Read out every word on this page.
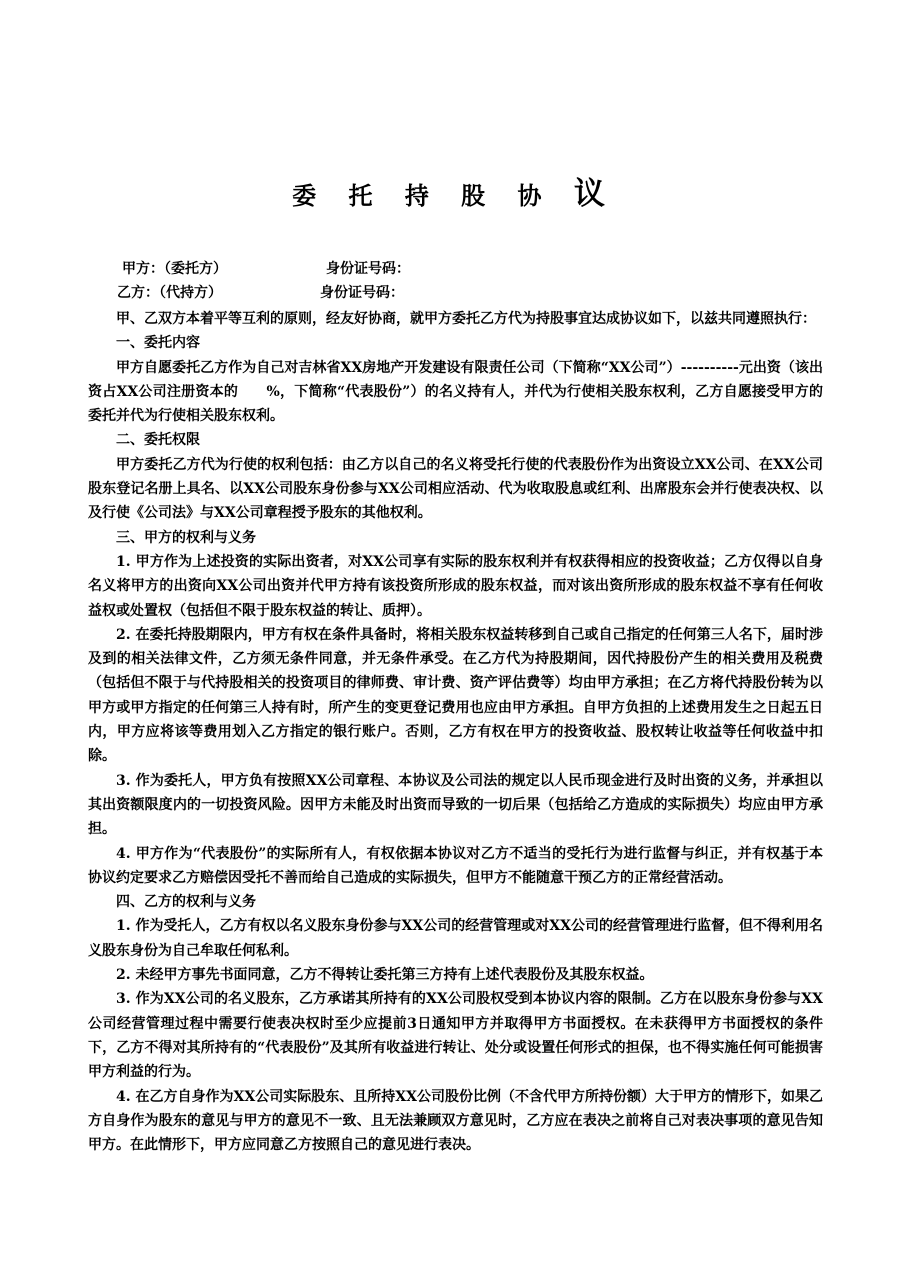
委 托 持 股 协 议
甲方：（委托方）	身份证号码：
乙方：（代持方）	身份证号码：

甲、乙双方本着平等互利的原则，经友好协商，就甲方委托乙方代为持股事宜达成协议如下，以兹共同遵照执行：

一、委托内容

甲方自愿委托乙方作为自己对吉林省XX房地产开发建设有限责任公司（下简称“XX公司”）----------元出资（该出资占XX公司注册资本的　　%，下简称“代表股份”）的名义持有人，并代为行使相关股东权利，乙方自愿接受甲方的委托并代为行使相关股东权利。

二、委托权限

甲方委托乙方代为行使的权利包括：由乙方以自己的名义将受托行使的代表股份作为出资设立XX公司、在XX公司股东登记名册上具名、以XX公司股东身份参与XX公司相应活动、代为收取股息或红利、出席股东会并行使表决权、以及行使《公司法》与XX公司章程授予股东的其他权利。

三、甲方的权利与义务

1. 甲方作为上述投资的实际出资者，对XX公司享有实际的股东权利并有权获得相应的投资收益；乙方仅得以自身名义将甲方的出资向XX公司出资并代甲方持有该投资所形成的股东权益，而对该出资所形成的股东权益不享有任何收益权或处置权（包括但不限于股东权益的转让、质押）。

2. 在委托持股期限内，甲方有权在条件具备时，将相关股东权益转移到自己或自己指定的任何第三人名下，届时涉及到的相关法律文件，乙方须无条件同意，并无条件承受。在乙方代为持股期间，因代持股份产生的相关费用及税费（包括但不限于与代持股相关的投资项目的律师费、审计费、资产评估费等）均由甲方承担；在乙方将代持股份转为以甲方或甲方指定的任何第三人持有时，所产生的变更登记费用也应由甲方承担。自甲方负担的上述费用发生之日起五日内，甲方应将该等费用划入乙方指定的银行账户。否则，乙方有权在甲方的投资收益、股权转让收益等任何收益中扣除。

3. 作为委托人，甲方负有按照XX公司章程、本协议及公司法的规定以人民币现金进行及时出资的义务，并承担以其出资额限度内的一切投资风险。因甲方未能及时出资而导致的一切后果（包括给乙方造成的实际损失）均应由甲方承担。

4. 甲方作为“代表股份”的实际所有人，有权依据本协议对乙方不适当的受托行为进行监督与纠正，并有权基于本协议约定要求乙方赔偿因受托不善而给自己造成的实际损失，但甲方不能随意干预乙方的正常经营活动。

四、乙方的权利与义务

1. 作为受托人，乙方有权以名义股东身份参与XX公司的经营管理或对XX公司的经营管理进行监督，但不得利用名义股东身份为自己牟取任何私利。

2. 未经甲方事先书面同意，乙方不得转让委托第三方持有上述代表股份及其股东权益。

3. 作为XX公司的名义股东，乙方承诺其所持有的XX公司股权受到本协议内容的限制。乙方在以股东身份参与XX公司经营管理过程中需要行使表决权时至少应提前3日通知甲方并取得甲方书面授权。在未获得甲方书面授权的条件下，乙方不得对其所持有的“代表股份”及其所有收益进行转让、处分或设置任何形式的担保，也不得实施任何可能损害甲方利益的行为。

4. 在乙方自身作为XX公司实际股东、且所持XX公司股份比例（不含代甲方所持份额）大于甲方的情形下，如果乙方自身作为股东的意见与甲方的意见不一致、且无法兼顾双方意见时，乙方应在表决之前将自己对表决事项的意见告知甲方。在此情形下，甲方应同意乙方按照自己的意见进行表决。
